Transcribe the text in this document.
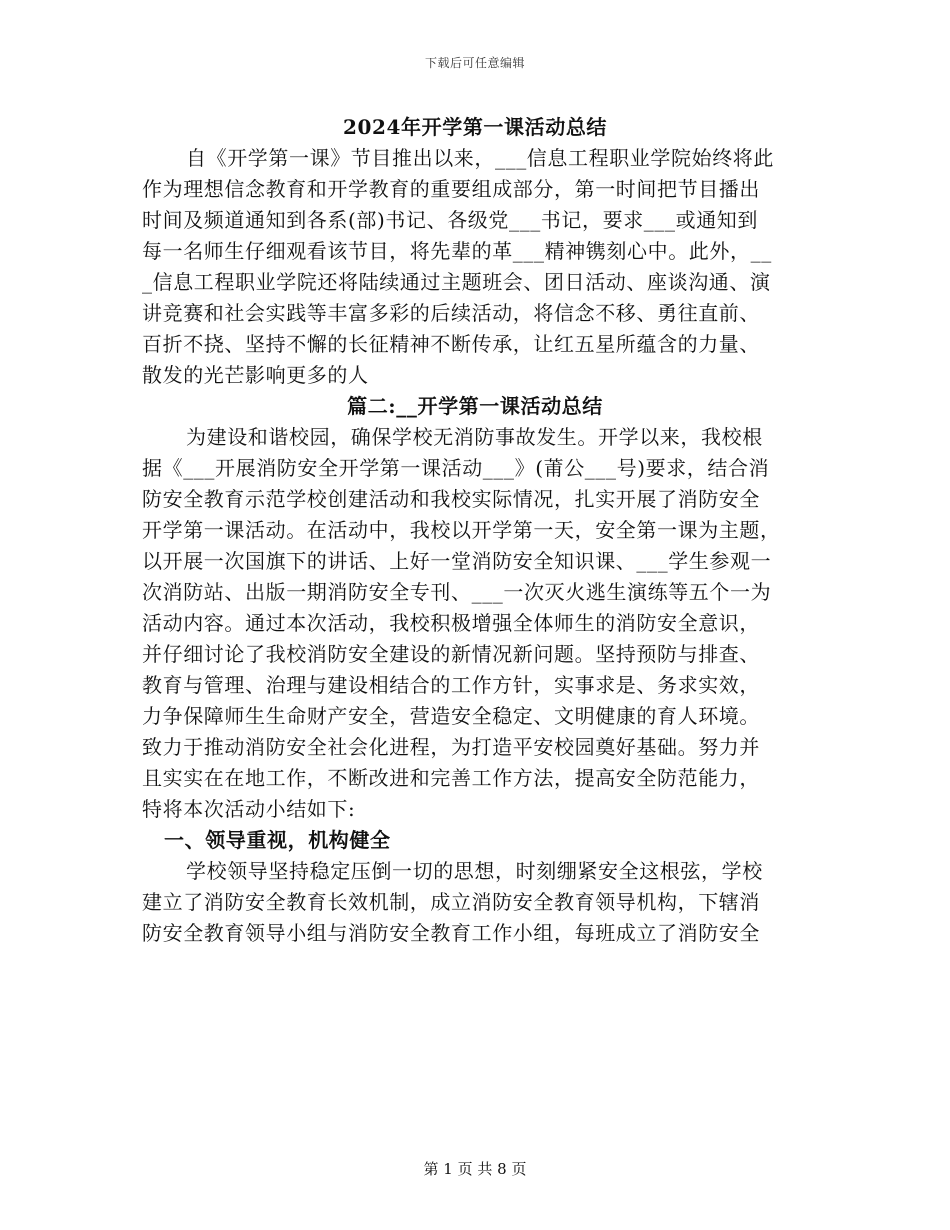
下载后可任意编辑
2024年开学第一课活动总结
自《开学第一课》节目推出以来，___信息工程职业学院始终将此
作为理想信念教育和开学教育的重要组成部分，第一时间把节目播出
时间及频道通知到各系(部)书记、各级党___书记，要求___或通知到
每一名师生仔细观看该节目，将先辈的革___精神镌刻心中。此外，__
_信息工程职业学院还将陆续通过主题班会、团日活动、座谈沟通、演
讲竞赛和社会实践等丰富多彩的后续活动，将信念不移、勇往直前、
百折不挠、坚持不懈的长征精神不断传承，让红五星所蕴含的力量、
散发的光芒影响更多的人
篇二:__开学第一课活动总结
为建设和谐校园，确保学校无消防事故发生。开学以来，我校根
据《___开展消防安全开学第一课活动___》(莆公___号)要求，结合消
防安全教育示范学校创建活动和我校实际情况，扎实开展了消防安全
开学第一课活动。在活动中，我校以开学第一天，安全第一课为主题，
以开展一次国旗下的讲话、上好一堂消防安全知识课、___学生参观一
次消防站、出版一期消防安全专刊、___一次灭火逃生演练等五个一为
活动内容。通过本次活动，我校积极增强全体师生的消防安全意识，
并仔细讨论了我校消防安全建设的新情况新问题。坚持预防与排查、
教育与管理、治理与建设相结合的工作方针，实事求是、务求实效，
力争保障师生生命财产安全，营造安全稳定、文明健康的育人环境。
致力于推动消防安全社会化进程，为打造平安校园奠好基础。努力并
且实实在在地工作，不断改进和完善工作方法，提高安全防范能力，
特将本次活动小结如下:
一、领导重视，机构健全
学校领导坚持稳定压倒一切的思想，时刻绷紧安全这根弦，学校
建立了消防安全教育长效机制，成立消防安全教育领导机构，下辖消
防安全教育领导小组与消防安全教育工作小组，每班成立了消防安全
第 1 页 共 8 页
